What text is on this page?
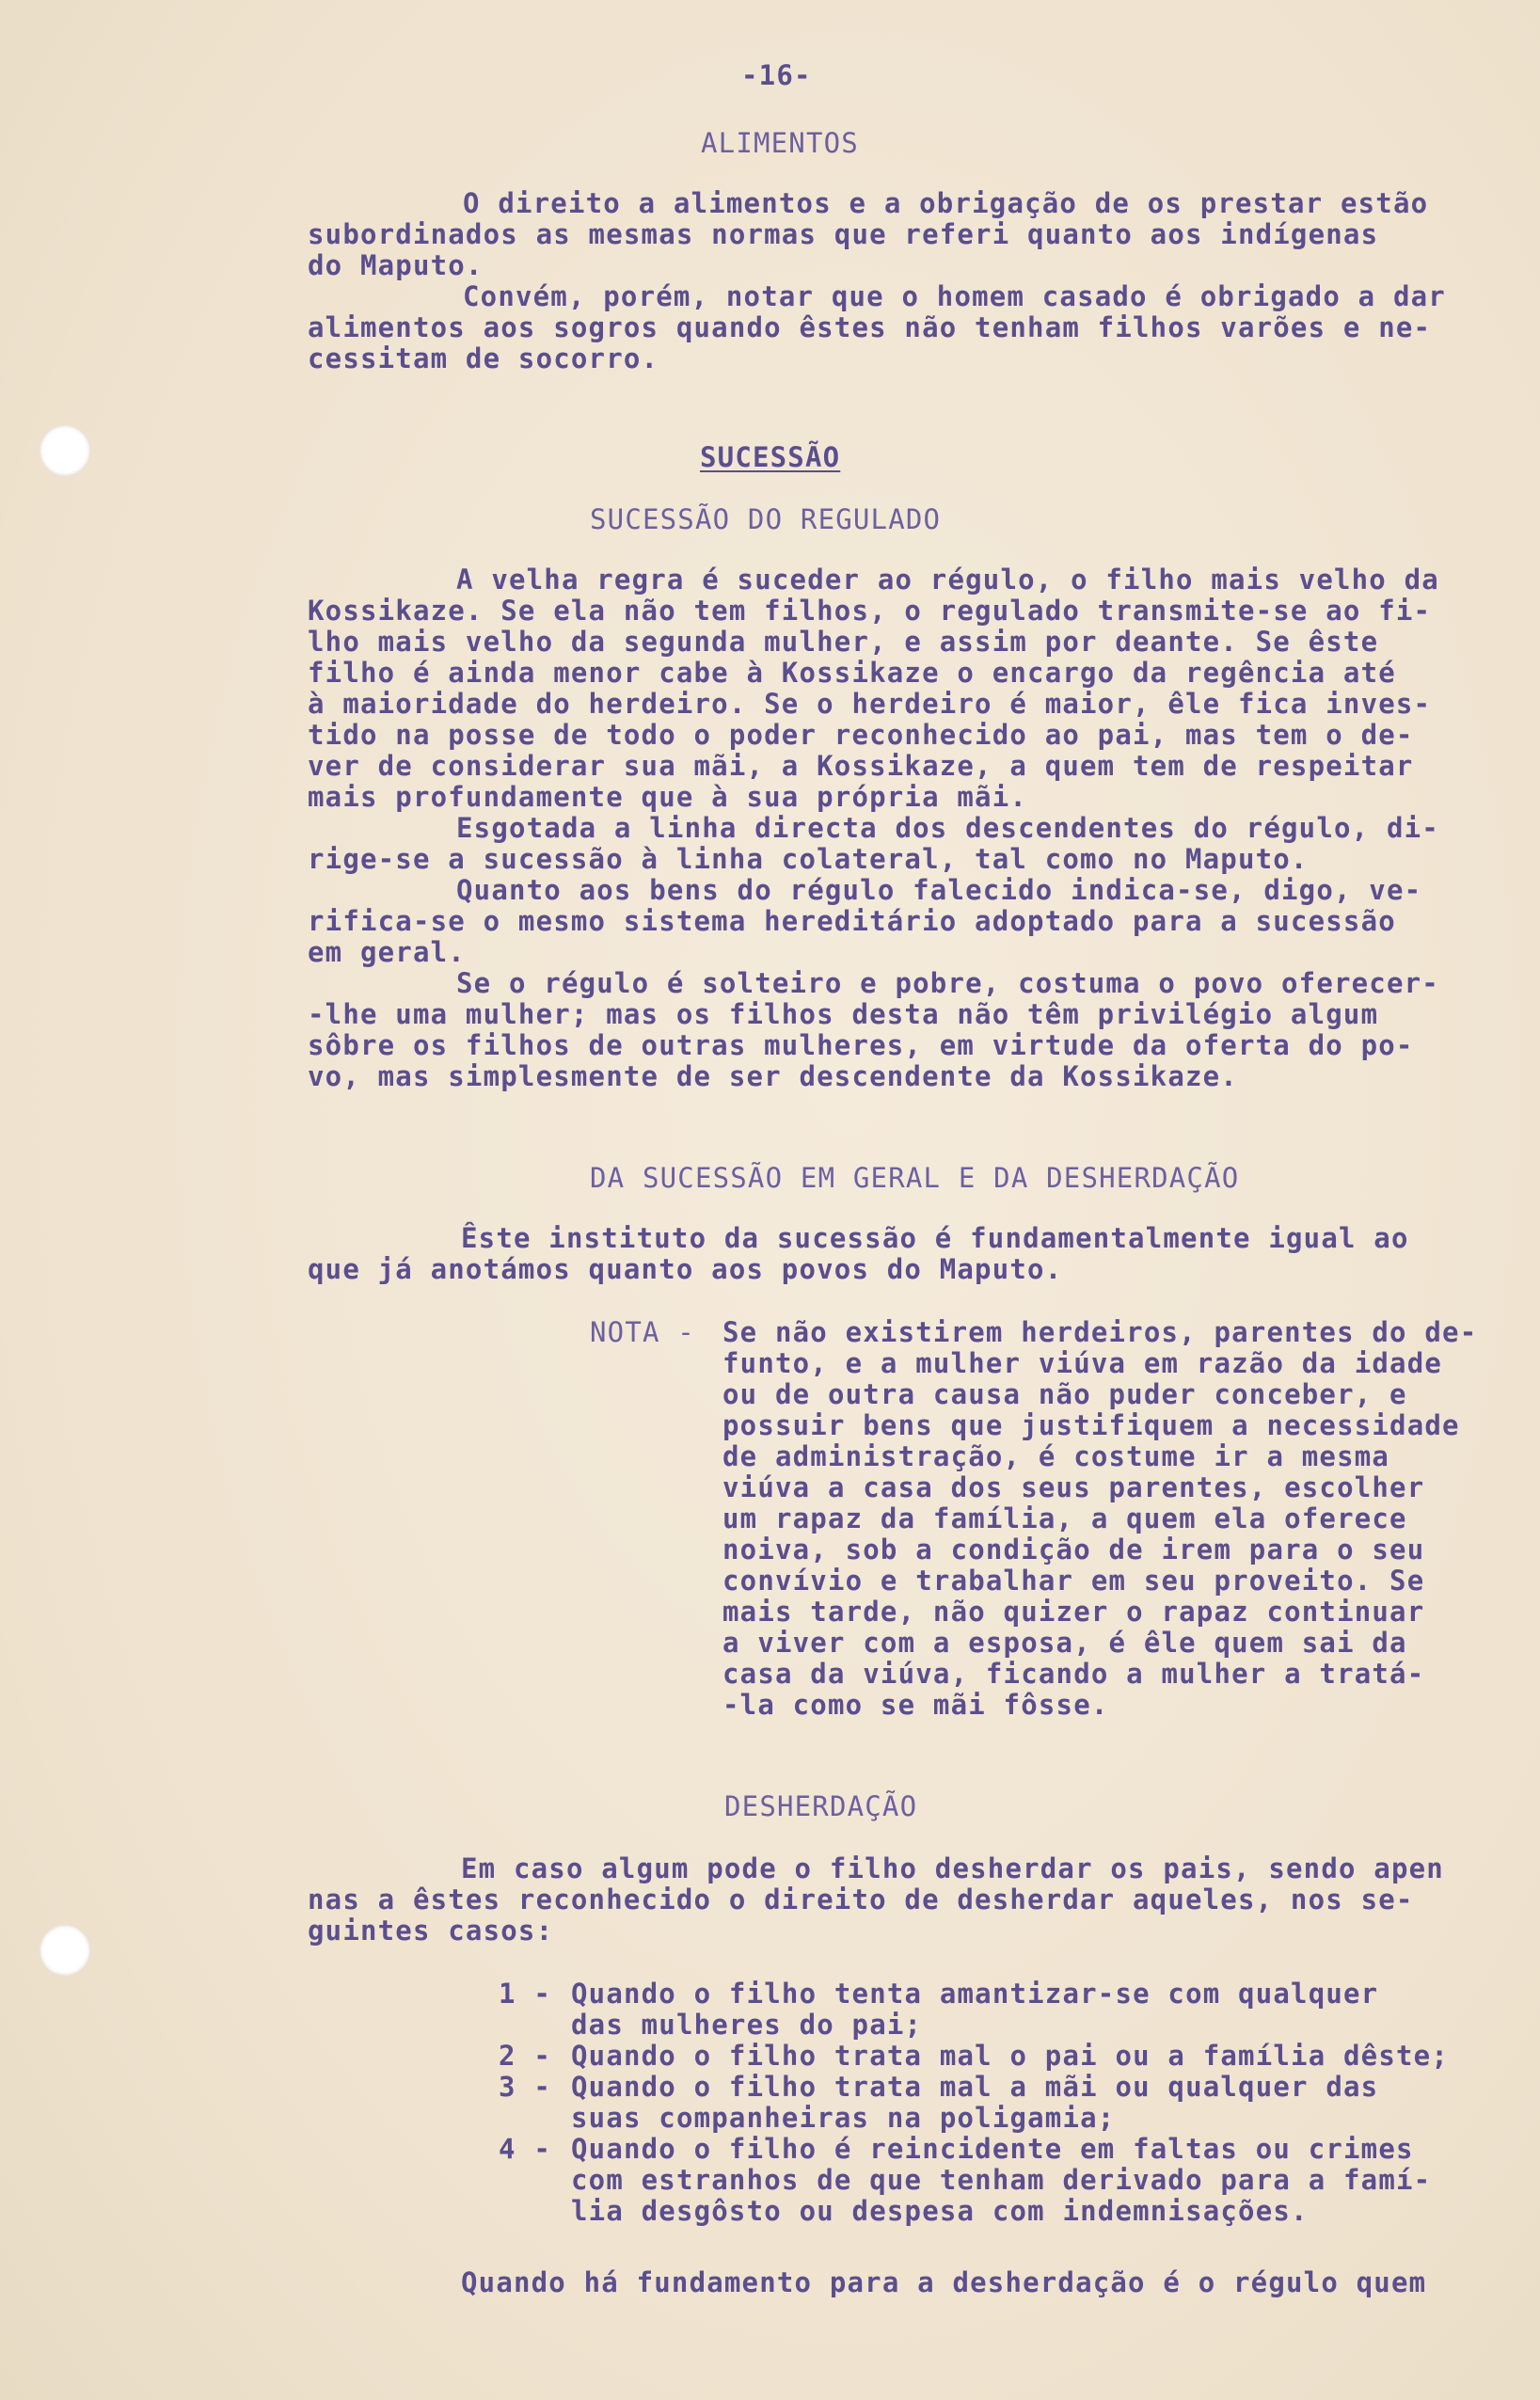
-16-
ALIMENTOS
O direito a alimentos e a obrigação de os prestar estão
subordinados as mesmas normas que referi quanto aos indígenas
do Maputo.
Convém, porém, notar que o homem casado é obrigado a dar
alimentos aos sogros quando êstes não tenham filhos varões e ne-
cessitam de socorro.
SUCESSÃO
SUCESSÃO DO REGULADO
A velha regra é suceder ao régulo, o filho mais velho da
Kossikaze. Se ela não tem filhos, o regulado transmite-se ao fi-
lho mais velho da segunda mulher, e assim por deante. Se êste
filho é ainda menor cabe à Kossikaze o encargo da regência até
à maioridade do herdeiro. Se o herdeiro é maior, êle fica inves-
tido na posse de todo o poder reconhecido ao pai, mas tem o de-
ver de considerar sua mãi, a Kossikaze, a quem tem de respeitar
mais profundamente que à sua própria mãi.
Esgotada a linha directa dos descendentes do régulo, di-
rige-se a sucessão à linha colateral, tal como no Maputo.
Quanto aos bens do régulo falecido indica-se, digo, ve-
rifica-se o mesmo sistema hereditário adoptado para a sucessão
em geral.
Se o régulo é solteiro e pobre, costuma o povo oferecer-
-lhe uma mulher; mas os filhos desta não têm privilégio algum
sôbre os filhos de outras mulheres, em virtude da oferta do po-
vo, mas simplesmente de ser descendente da Kossikaze.
DA SUCESSÃO EM GERAL E DA DESHERDAÇÃO
Êste instituto da sucessão é fundamentalmente igual ao
que já anotámos quanto aos povos do Maputo.
NOTA - Se não existirem herdeiros, parentes do de-
funto, e a mulher viúva em razão da idade
ou de outra causa não puder conceber, e
possuir bens que justifiquem a necessidade
de administração, é costume ir a mesma
viúva a casa dos seus parentes, escolher
um rapaz da família, a quem ela oferece
noiva, sob a condição de irem para o seu
convívio e trabalhar em seu proveito. Se
mais tarde, não quizer o rapaz continuar
a viver com a esposa, é êle quem sai da
casa da viúva, ficando a mulher a tratá-
-la como se mãi fôsse.
DESHERDAÇÃO
Em caso algum pode o filho desherdar os pais, sendo apen
nas a êstes reconhecido o direito de desherdar aqueles, nos se-
guintes casos:
1 - Quando o filho tenta amantizar-se com qualquer
das mulheres do pai;
2 - Quando o filho trata mal o pai ou a família dêste;
3 - Quando o filho trata mal a mãi ou qualquer das
suas companheiras na poligamia;
4 - Quando o filho é reincidente em faltas ou crimes
com estranhos de que tenham derivado para a famí-
lia desgôsto ou despesa com indemnisações.
Quando há fundamento para a desherdação é o régulo quem
